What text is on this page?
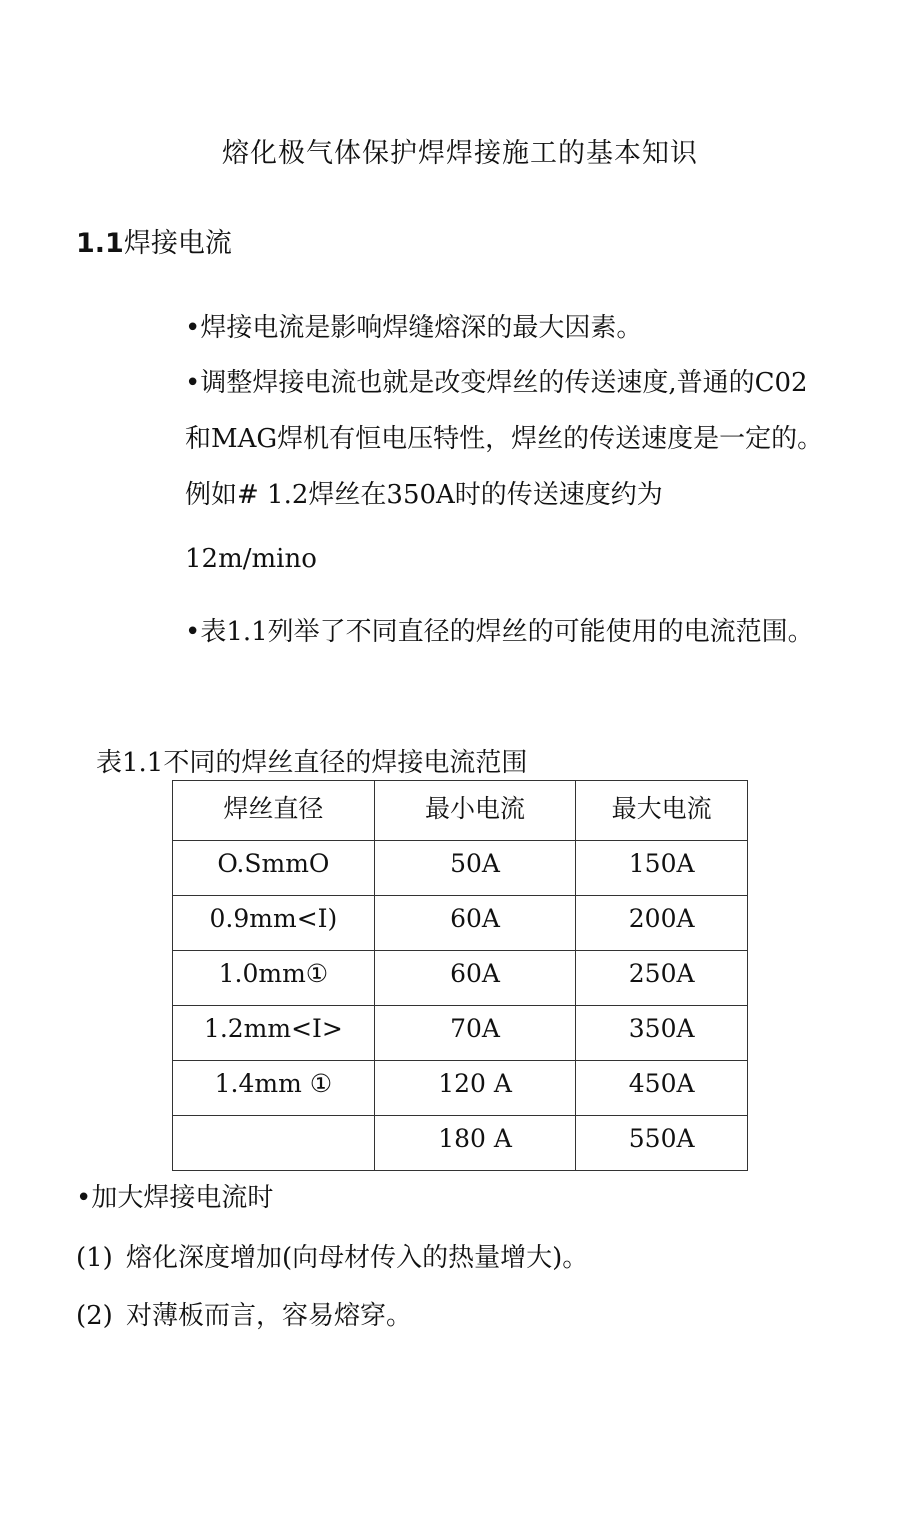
熔化极气体保护焊焊接施工的基本知识
1.1焊接电流

•焊接电流是影响焊缝熔深的最大因素。

•调整焊接电流也就是改变焊丝的传送速度,普通的C02和MAG焊机有恒电压特性，焊丝的传送速度是一定的。例如# 1.2焊丝在350A时的传送速度约为
12m/mino

•表1.1列举了不同直径的焊丝的可能使用的电流范围。

表1.1不同的焊丝直径的焊接电流范围
焊丝直径	最小电流	最大电流
O.SmmO	50A	150A
0.9mm<I)	60A	200A
1.0mm①	60A	250A
1.2mm<I>	70A	350A
1.4mm ①	120 A	450A
	180 A	550A
•加大焊接电流时
(1) 熔化深度增加(向母材传入的热量增大)。
(2) 对薄板而言，容易熔穿。
